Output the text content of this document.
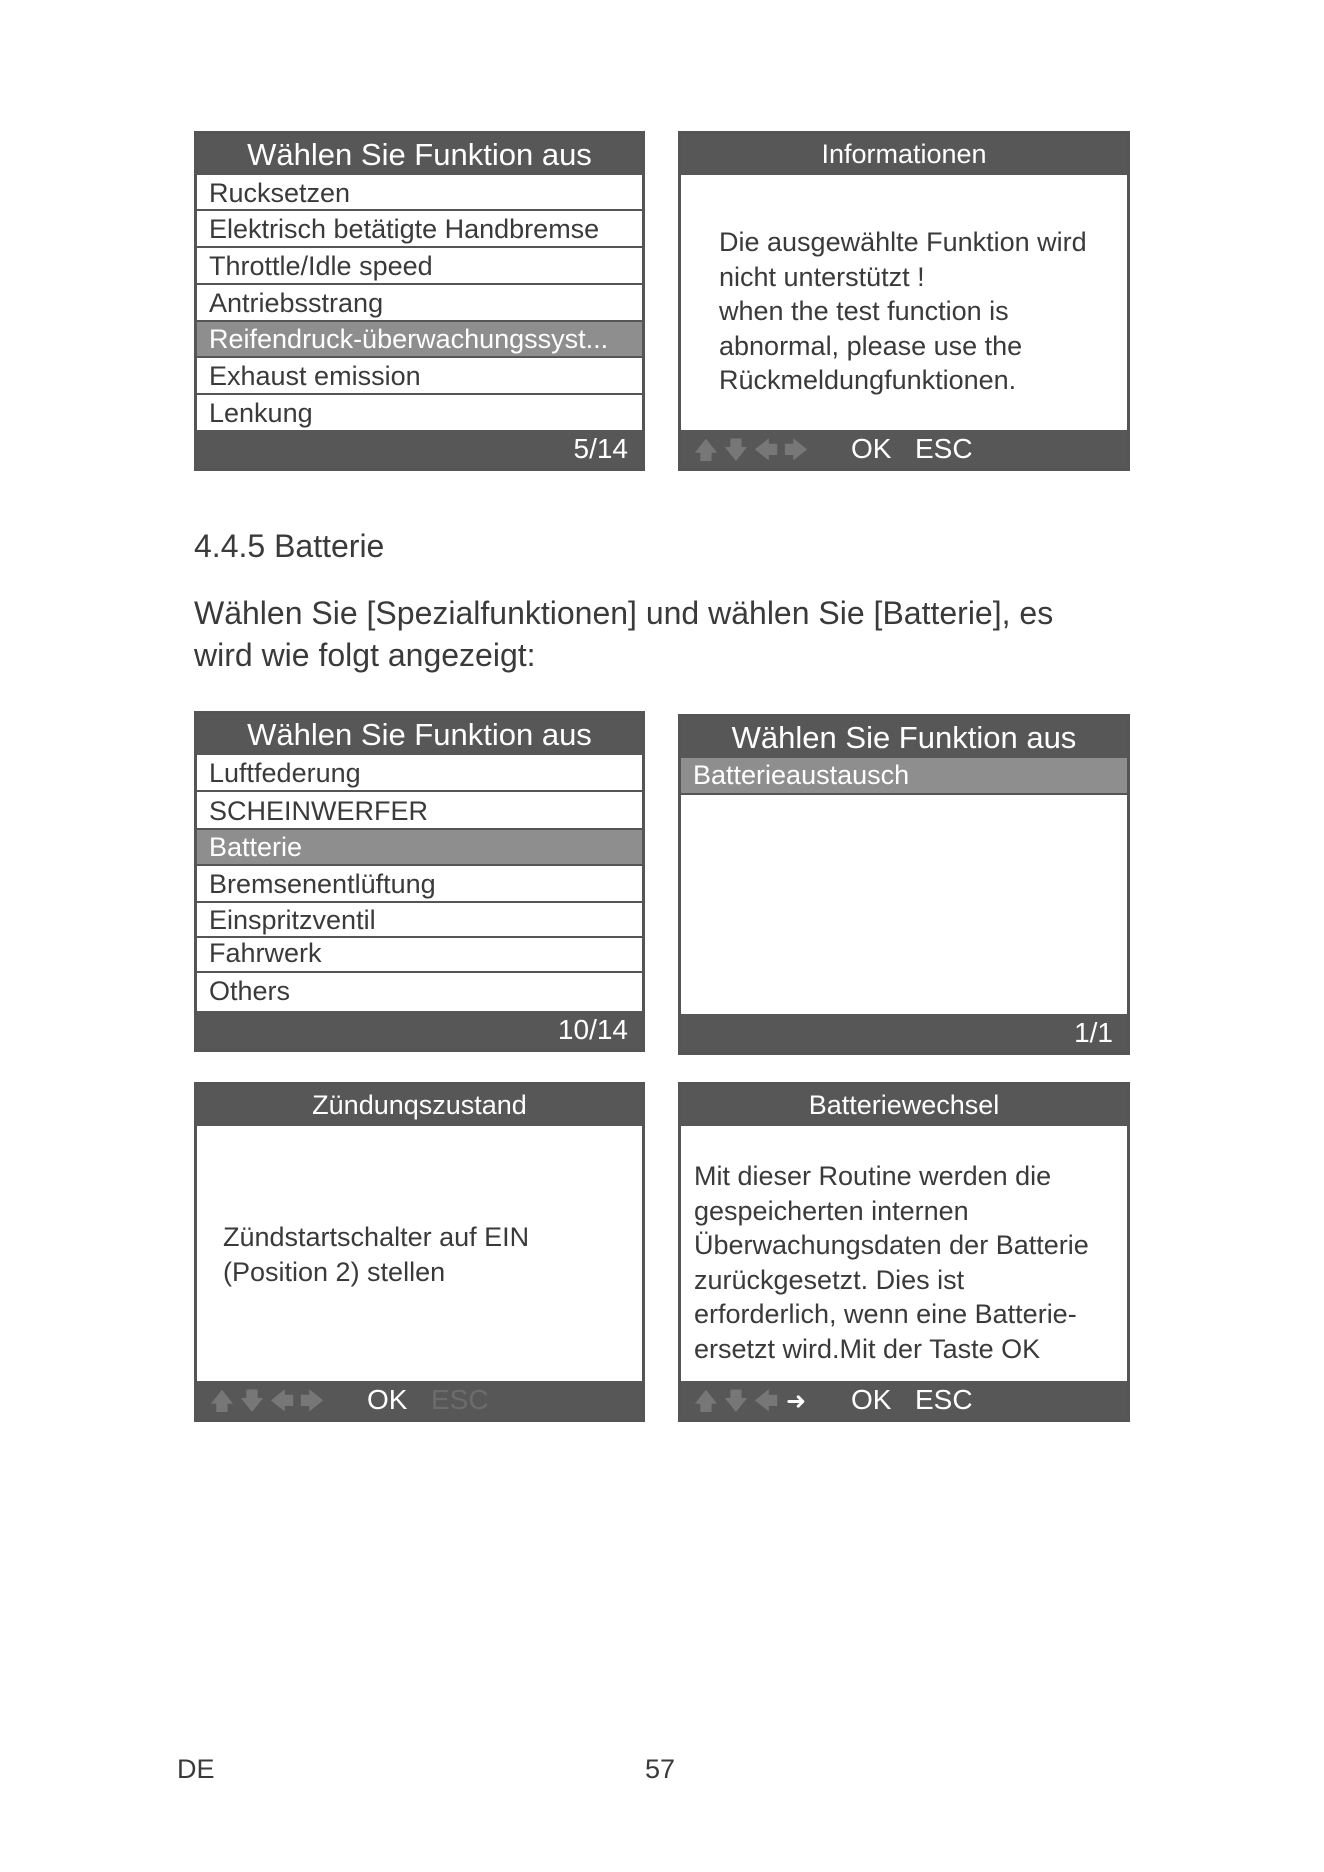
Wählen Sie Funktion aus
Rucksetzen
Elektrisch betätigte Handbremse
Throttle/Idle speed
Antriebsstrang
Reifendruck-überwachungssyst...
Exhaust emission
Lenkung
5/14
Informationen

Die ausgewählte Funktion wird

nicht unterstützt !

when the test function is

abnormal, please use the

Rückmeldungfunktionen.

🡅 🡇 🡄 🡆 OK ESC
4.4.5 Batterie
Wählen Sie [Spezialfunktionen] und wählen Sie [Batterie], es wird wie folgt angezeigt:
Wählen Sie Funktion aus
Luftfederung
SCHEINWERFER
Batterie
Bremsenentlüftung
Einspritzventil
Fahrwerk
Others
10/14
Wählen Sie Funktion aus
Batterieaustausch
1/1
Zündunqszustand

Zündstartschalter auf EIN

(Position 2) stellen

🡅 🡇 🡄 🡆 OK ESC
Batteriewechsel

Mit dieser Routine werden die

gespeicherten internen

Überwachungsdaten der Batterie

zurückgesetzt. Dies ist

erforderlich, wenn eine Batterie-

ersetzt wird.Mit der Taste OK

🡅 🡇 🡄 ➜ OK ESC
DE	57
